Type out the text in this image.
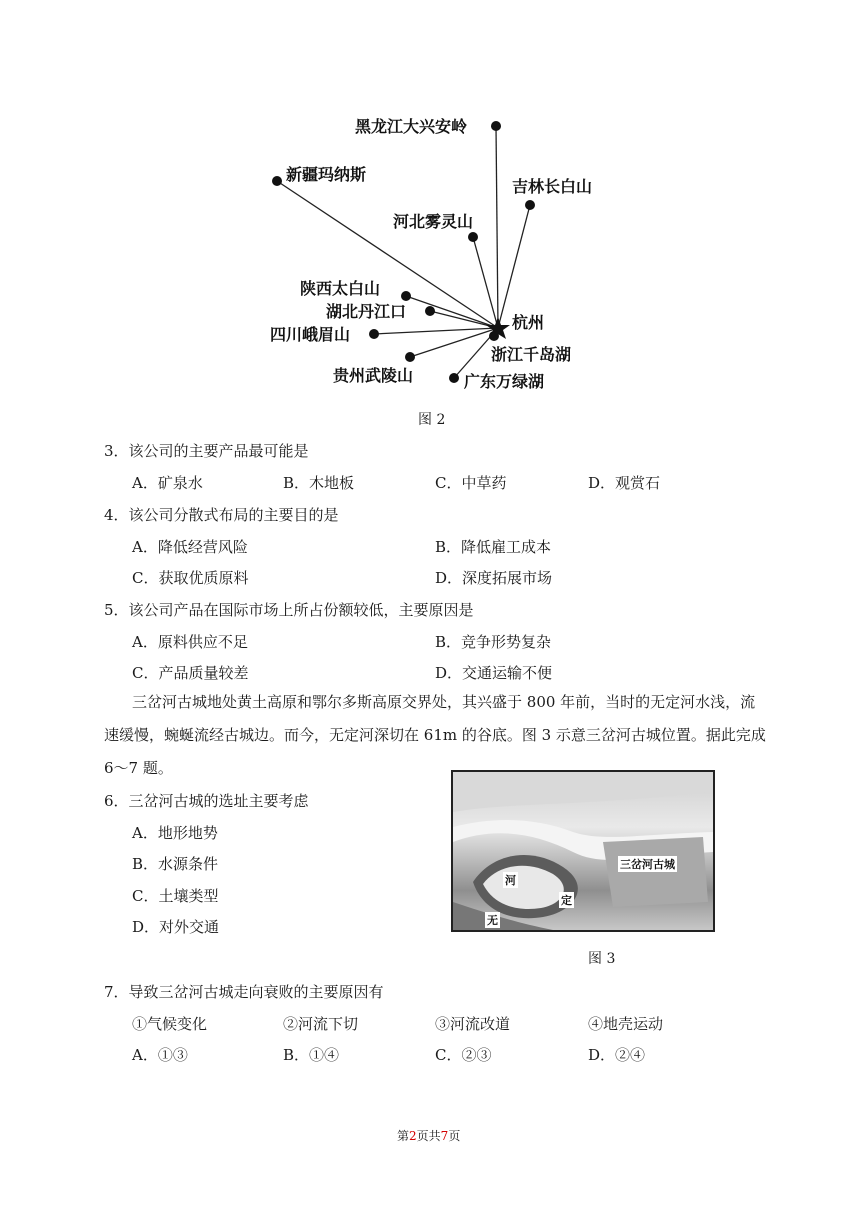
黑龙江大兴安岭
新疆玛纳斯
吉林长白山
河北雾灵山
陕西太白山
湖北丹江口
四川峨眉山
贵州武陵山
浙江千岛湖
广东万绿湖
杭州
图 2
3．该公司的主要产品最可能是
A．矿泉水	B．木地板	C．中草药	D．观赏石
4．该公司分散式布局的主要目的是
A．降低经营风险	B．降低雇工成本
C．获取优质原料	D．深度拓展市场
5．该公司产品在国际市场上所占份额较低，主要原因是
A．原料供应不足	B．竞争形势复杂
C．产品质量较差	D．交通运输不便
三岔河古城地处黄土高原和鄂尔多斯高原交界处，其兴盛于 800 年前，当时的无定河水浅，流
速缓慢，蜿蜒流经古城边。而今，无定河深切在 61m 的谷底。图 3 示意三岔河古城位置。据此完成
6～7 题。
6．三岔河古城的选址主要考虑
A．地形地势
B．水源条件
C．土壤类型
D．对外交通
三岔河古城
河
定
无
图 3
7．导致三岔河古城走向衰败的主要原因有
①气候变化	②河流下切	③河流改道	④地壳运动
A．①③	B．①④	C．②③	D．②④
第2页共7页
